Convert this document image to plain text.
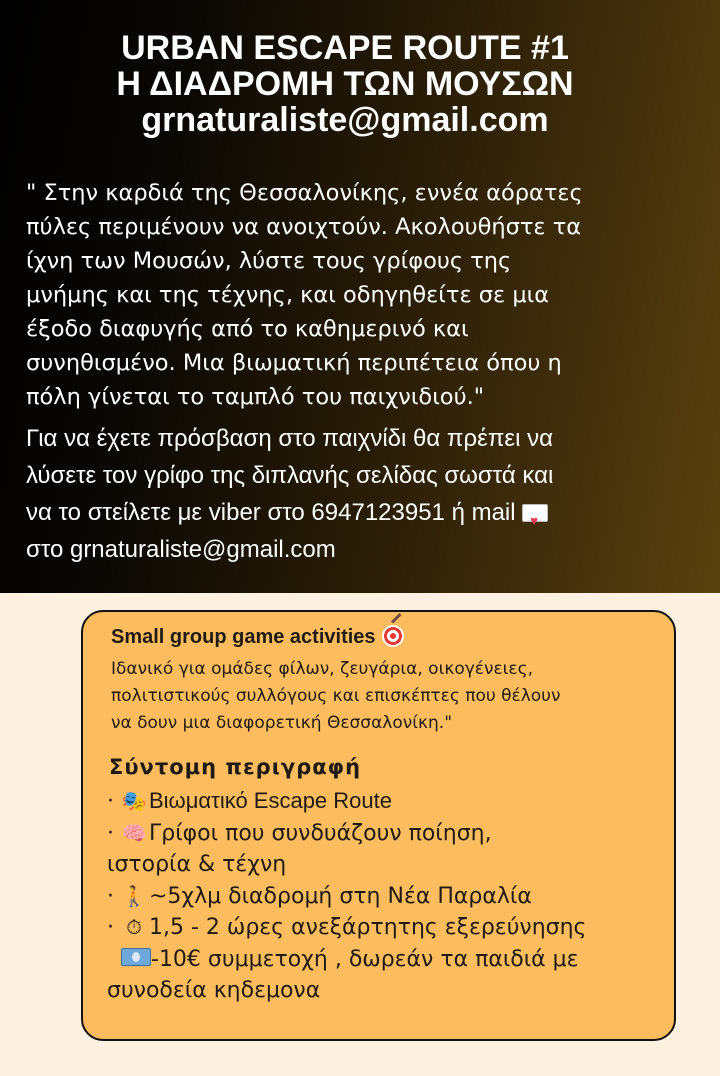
URBAN ESCAPE ROUTE #1
Η ΔΙΑΔΡΟΜΗ ΤΩΝ ΜΟΥΣΩΝ
grnaturaliste@gmail.com
" Στην καρδιά της Θεσσαλονίκης, εννέα αόρατες
πύλες περιμένουν να ανοιχτούν. Ακολουθήστε τα
ίχνη των Μουσών, λύστε τους γρίφους της
μνήμης και της τέχνης, και οδηγηθείτε σε μια
έξοδο διαφυγής από το καθημερινό και
συνηθισμένο. Μια βιωματική περιπέτεια όπου η
πόλη γίνεται το ταμπλό του παιχνιδιού."
Για να έχετε πρόσβαση στο παιχνίδι θα πρέπει να
λύσετε τον γρίφο της διπλανής σελίδας σωστά και
να το στείλετε με viber στο 6947123951 ή mail ♥
στο grnaturaliste@gmail.com
Small group game activities
Ιδανικό για ομάδες φίλων, ζευγάρια, οικογένειες,
πολιτιστικούς συλλόγους και επισκέπτες που θέλουν
να δουν μια διαφορετική Θεσσαλονίκη."
Σύντομη περιγραφή
· 🎭 Βιωματικό Escape Route
· 🧠 Γρίφοι που συνδυάζουν ποίηση,
ιστορία & τέχνη
· 🚶 ~5χλμ διαδρομή στη Νέα Παραλία
· ⏱ 1,5 - 2 ώρες ανεξάρτητης εξερεύνησης
-10€ συμμετοχή , δωρεάν τα παιδιά με
συνοδεία κηδεμονα
